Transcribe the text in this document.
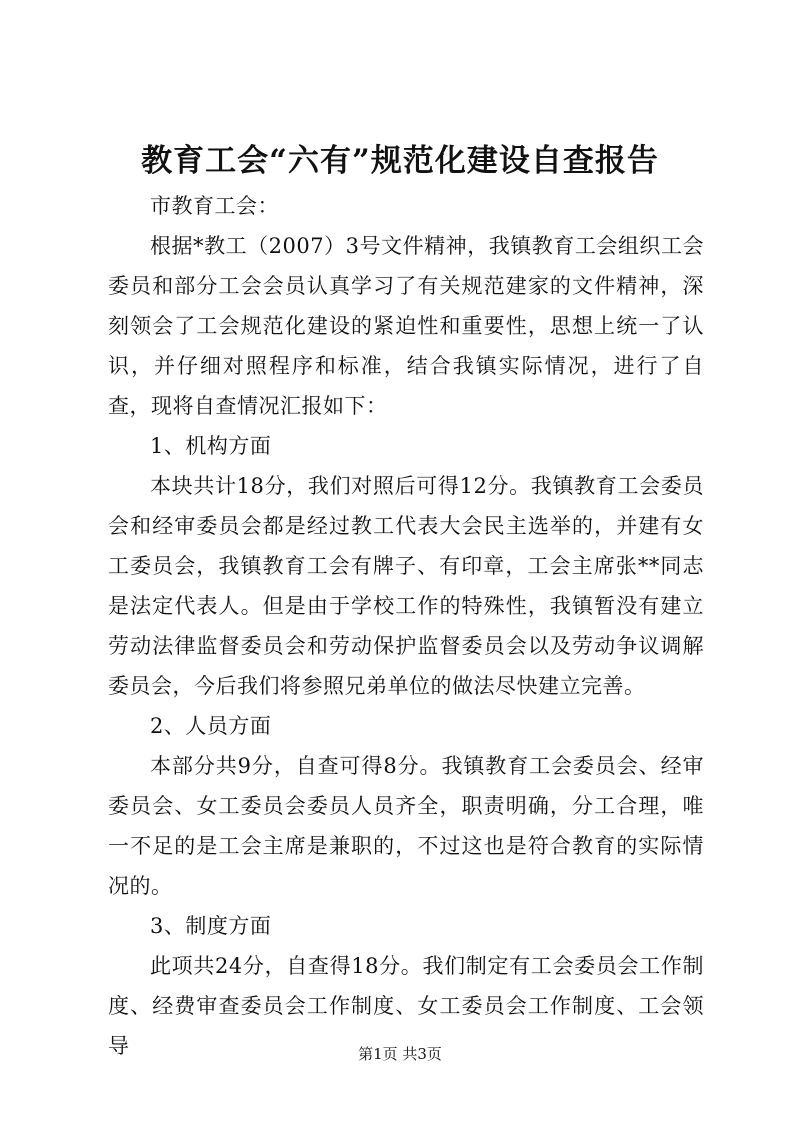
教育工会“六有”规范化建设自查报告

市教育工会：

根据*教工（2007）3号文件精神，我镇教育工会组织工会委员和部分工会会员认真学习了有关规范建家的文件精神，深刻领会了工会规范化建设的紧迫性和重要性，思想上统一了认识，并仔细对照程序和标准，结合我镇实际情况，进行了自查，现将自查情况汇报如下：

1、机构方面

本块共计18分，我们对照后可得12分。我镇教育工会委员会和经审委员会都是经过教工代表大会民主选举的，并建有女工委员会，我镇教育工会有牌子、有印章，工会主席张**同志是法定代表人。但是由于学校工作的特殊性，我镇暂没有建立劳动法律监督委员会和劳动保护监督委员会以及劳动争议调解委员会，今后我们将参照兄弟单位的做法尽快建立完善。

2、人员方面

本部分共9分，自查可得8分。我镇教育工会委员会、经审委员会、女工委员会委员人员齐全，职责明确，分工合理，唯一不足的是工会主席是兼职的，不过这也是符合教育的实际情况的。

3、制度方面

此项共24分，自查得18分。我们制定有工会委员会工作制度、经费审查委员会工作制度、女工委员会工作制度、工会领导	第1页 共3页
